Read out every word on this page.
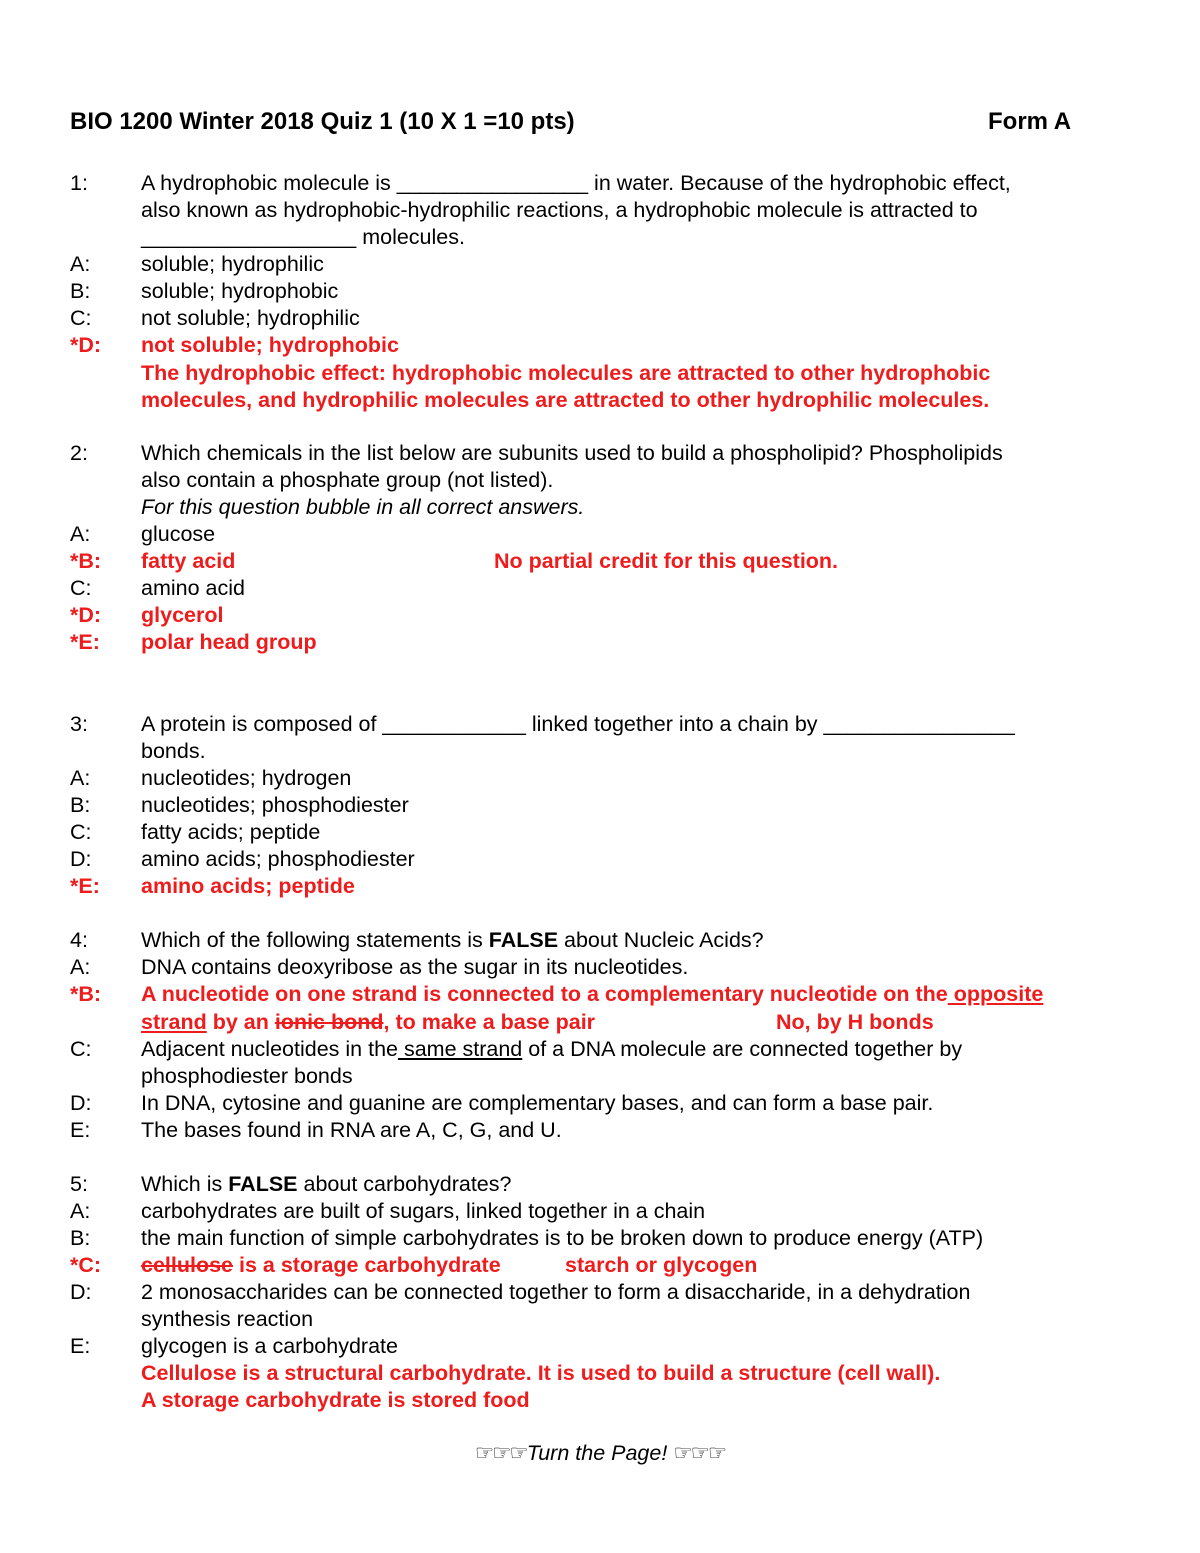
BIO 1200 Winter 2018 Quiz 1 (10 X 1 =10 pts)	Form A
1: A hydrophobic molecule is ________________ in water. Because of the hydrophobic effect,
also known as hydrophobic-hydrophilic reactions, a hydrophobic molecule is attracted to
__________________ molecules.
A: soluble; hydrophilic
B: soluble; hydrophobic
C: not soluble; hydrophilic
*D: not soluble; hydrophobic
The hydrophobic effect: hydrophobic molecules are attracted to other hydrophobic
molecules, and hydrophilic molecules are attracted to other hydrophilic molecules.
2: Which chemicals in the list below are subunits used to build a phospholipid? Phospholipids
also contain a phosphate group (not listed).
For this question bubble in all correct answers.
A: glucose
*B: fatty acid	No partial credit for this question.
C: amino acid
*D: glycerol
*E: polar head group
3: A protein is composed of ____________ linked together into a chain by ________________
bonds.
A: nucleotides; hydrogen
B: nucleotides; phosphodiester
C: fatty acids; peptide
D: amino acids; phosphodiester
*E: amino acids; peptide
4: Which of the following statements is FALSE about Nucleic Acids?
A: DNA contains deoxyribose as the sugar in its nucleotides.
*B: A nucleotide on one strand is connected to a complementary nucleotide on the opposite
strand by an ionic bond, to make a base pair	No, by H bonds
C: Adjacent nucleotides in the same strand of a DNA molecule are connected together by
phosphodiester bonds
D: In DNA, cytosine and guanine are complementary bases, and can form a base pair.
E: The bases found in RNA are A, C, G, and U.
5: Which is FALSE about carbohydrates?
A: carbohydrates are built of sugars, linked together in a chain
B: the main function of simple carbohydrates is to be broken down to produce energy (ATP)
*C: cellulose is a storage carbohydrate	starch or glycogen
D: 2 monosaccharides can be connected together to form a disaccharide, in a dehydration
synthesis reaction
E: glycogen is a carbohydrate
Cellulose is a structural carbohydrate. It is used to build a structure (cell wall).
A storage carbohydrate is stored food
☞☞☞Turn the Page! ☞☞☞
